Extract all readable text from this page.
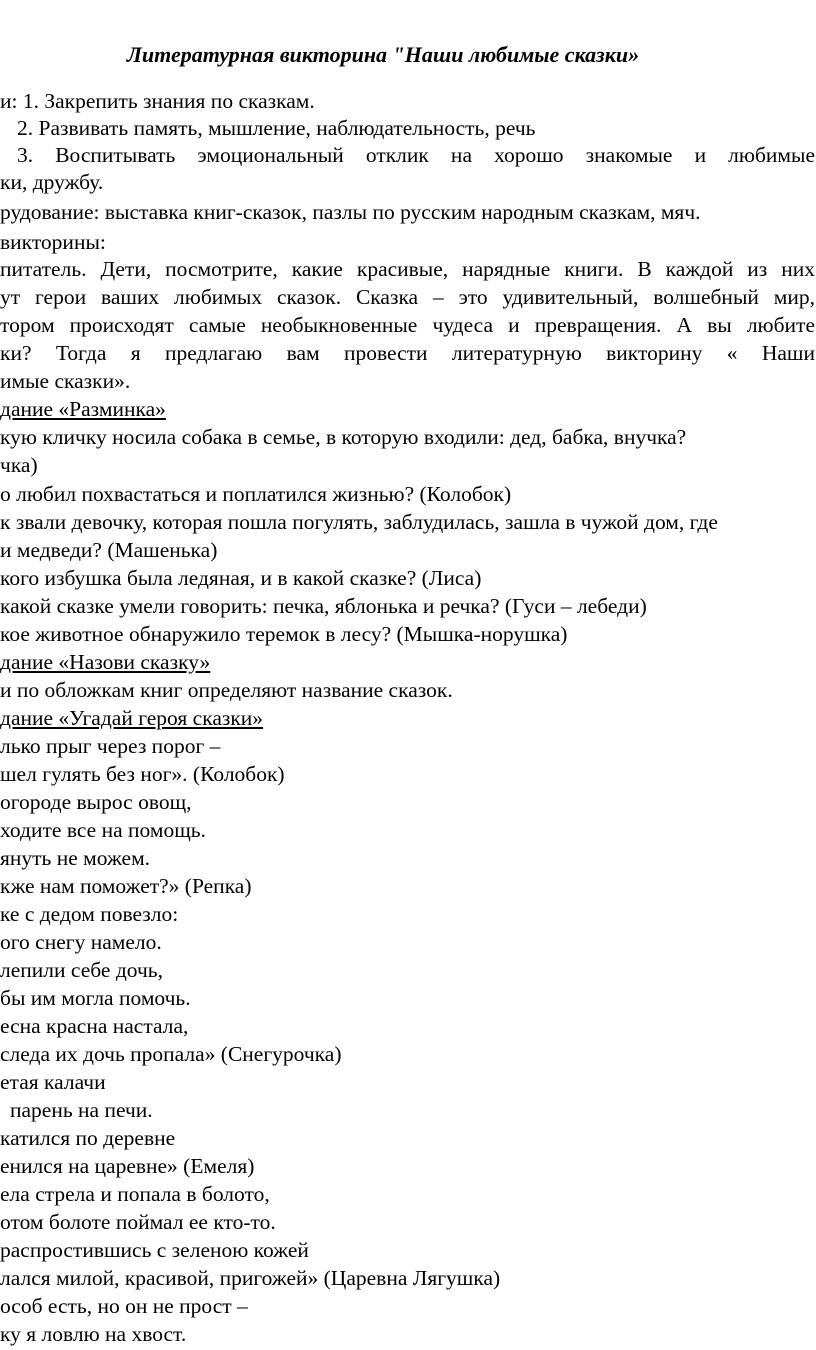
Литературная викторина "Наши любимые сказки»
и: 1. Закрепить знания по сказкам.
2. Развивать память, мышление, наблюдательность, речь
3. Воспитывать эмоциональный отклик на хорошо знакомые и любимые
ки, дружбу.
рудование: выставка книг-сказок, пазлы по русским народным сказкам, мяч.
викторины:
питатель. Дети, посмотрите, какие красивые, нарядные книги. В каждой из них
ут герои ваших любимых сказок. Сказка – это удивительный, волшебный мир,
тором происходят самые необыкновенные чудеса и превращения. А вы любите
ки? Тогда я предлагаю вам провести литературную викторину « Наши
имые сказки».
дание «Разминка»
кую кличку носила собака в семье, в которую входили: дед, бабка, внучка?
чка)
о любил похвастаться и поплатился жизнью? (Колобок)
к звали девочку, которая пошла погулять, заблудилась, зашла в чужой дом, где
и медведи? (Машенька)
кого избушка была ледяная, и в какой сказке? (Лиса)
какой сказке умели говорить: печка, яблонька и речка? (Гуси – лебеди)
кое животное обнаружило теремок в лесу? (Мышка-норушка)
дание «Назови сказку»
и по обложкам книг определяют название сказок.
дание «Угадай героя сказки»
лько прыг через порог –
шел гулять без ног». (Колобок)
огороде вырос овощ,
ходите все на помощь.
януть не можем.
кже нам поможет?» (Репка)
ке с дедом повезло:
ого снегу намело.
лепили себе дочь,
бы им могла помочь.
есна красна настала,
следа их дочь пропала» (Снегурочка)
етая калачи
парень на печи.
катился по деревне
енился на царевне» (Емеля)
ела стрела и попала в болото,
отом болоте поймал ее кто-то.
распростившись с зеленою кожей
лался милой, красивой, пригожей» (Царевна Лягушка)
особ есть, но он не прост –
ку я ловлю на хвост.
